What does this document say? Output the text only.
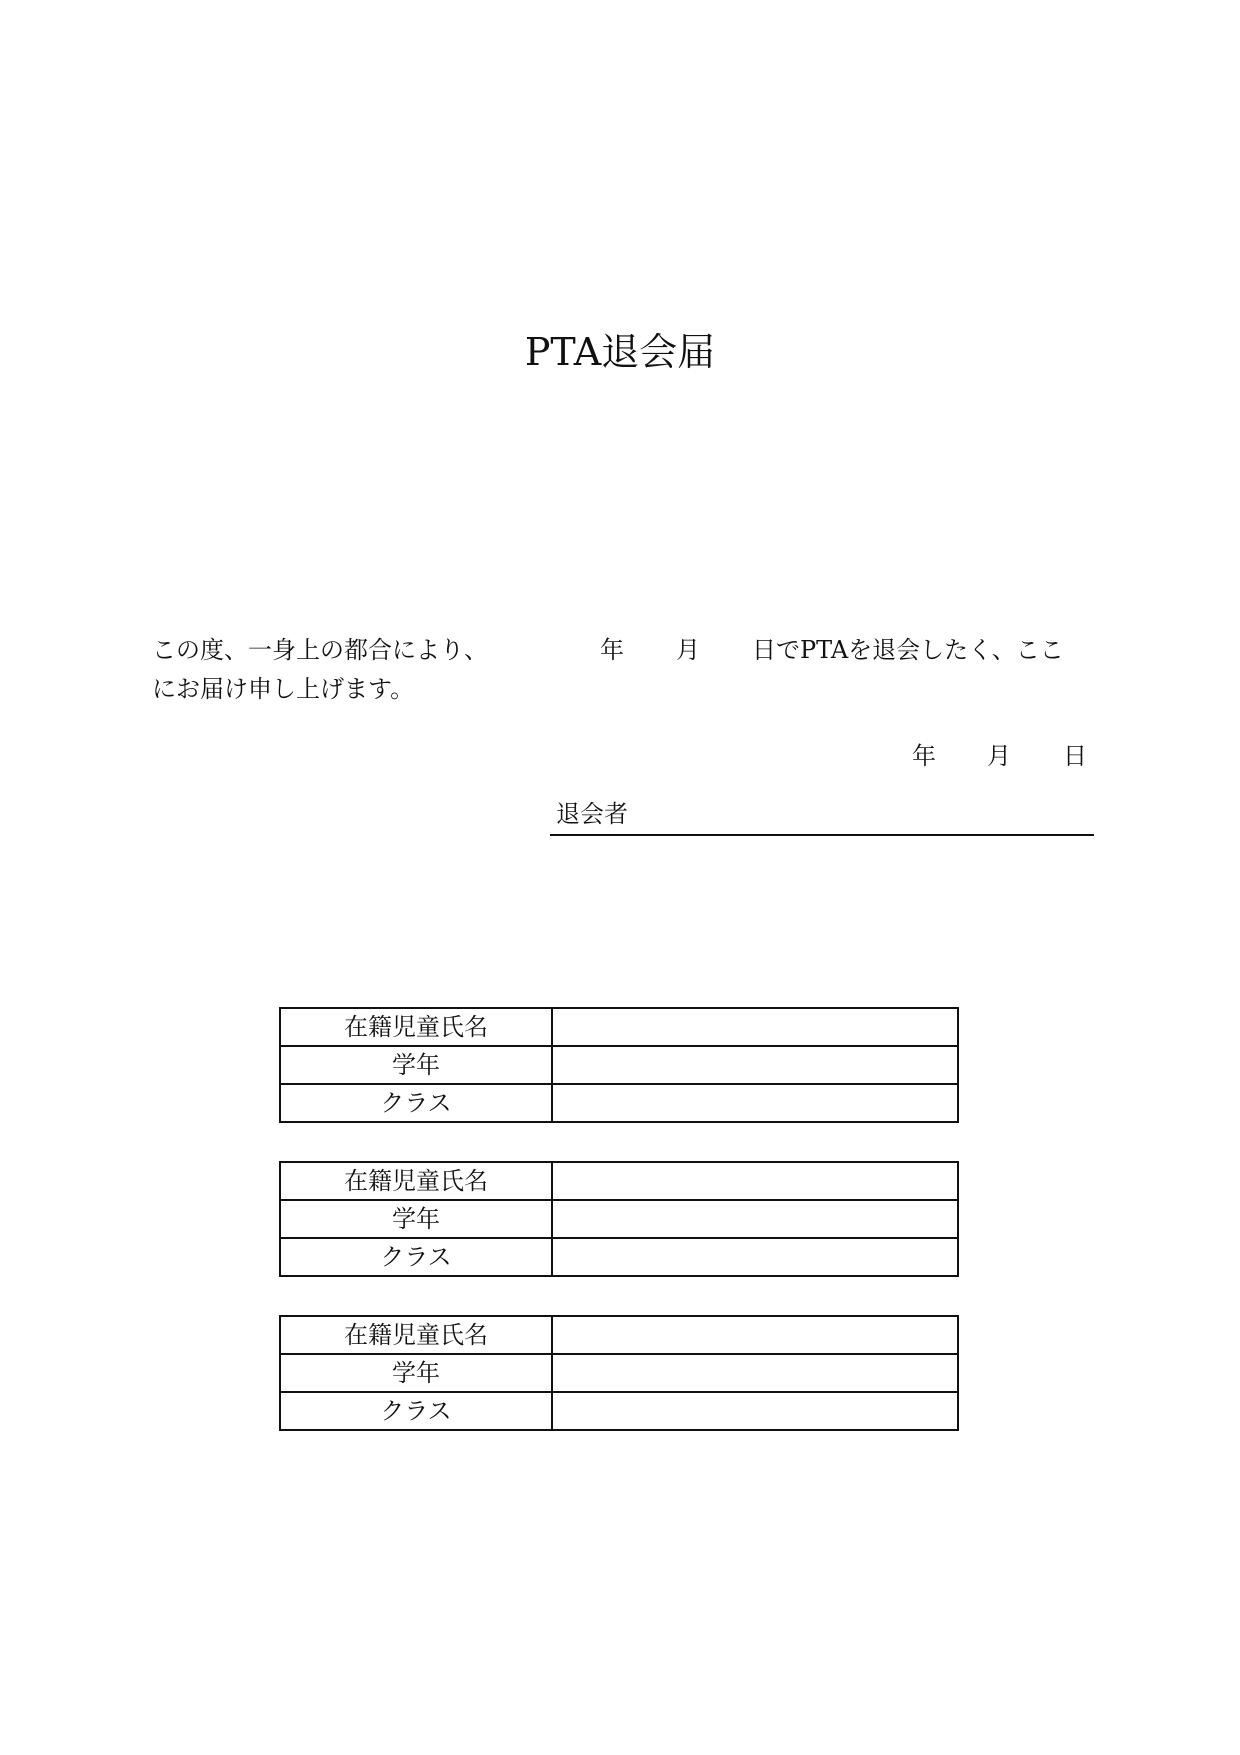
PTA退会届
この度、一身上の都合により、	年 月 日でPTAを退会したく、ここ
にお届け申し上げます。
年 月 日
退会者
在籍児童氏名	
学年	
クラス	
在籍児童氏名	
学年	
クラス	
在籍児童氏名	
学年	
クラス	
